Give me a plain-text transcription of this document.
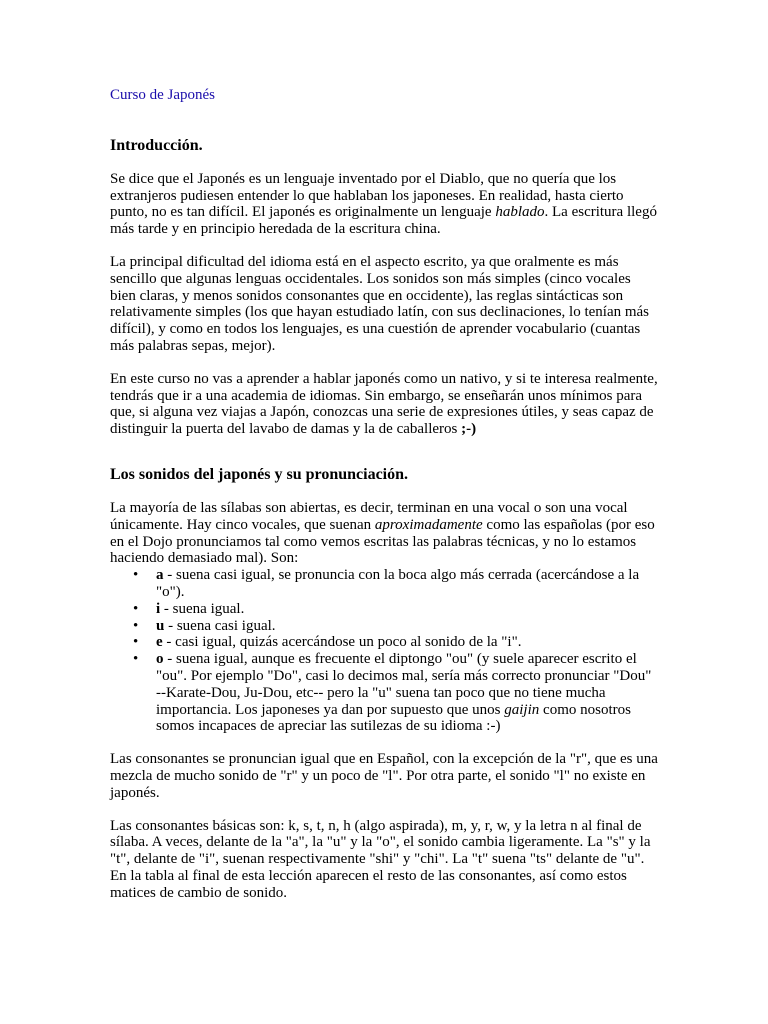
Curso de Japonés

Introducción.

Se dice que el Japonés es un lenguaje inventado por el Diablo, que no quería que los extranjeros pudiesen entender lo que hablaban los japoneses. En realidad, hasta cierto punto, no es tan difícil. El japonés es originalmente un lenguaje hablado. La escritura llegó más tarde y en principio heredada de la escritura china.

La principal dificultad del idioma está en el aspecto escrito, ya que oralmente es más sencillo que algunas lenguas occidentales. Los sonidos son más simples (cinco vocales bien claras, y menos sonidos consonantes que en occidente), las reglas sintácticas son relativamente simples (los que hayan estudiado latín, con sus declinaciones, lo tenían más difícil), y como en todos los lenguajes, es una cuestión de aprender vocabulario (cuantas más palabras sepas, mejor).

En este curso no vas a aprender a hablar japonés como un nativo, y si te interesa realmente, tendrás que ir a una academia de idiomas. Sin embargo, se enseñarán unos mínimos para que, si alguna vez viajas a Japón, conozcas una serie de expresiones útiles, y seas capaz de distinguir la puerta del lavabo de damas y la de caballeros ;-)

Los sonidos del japonés y su pronunciación.

La mayoría de las sílabas son abiertas, es decir, terminan en una vocal o son una vocal únicamente. Hay cinco vocales, que suenan aproximadamente como las españolas (por eso en el Dojo pronunciamos tal como vemos escritas las palabras técnicas, y no lo estamos haciendo demasiado mal). Son:

• a - suena casi igual, se pronuncia con la boca algo más cerrada (acercándose a la "o").
• i - suena igual.
• u - suena casi igual.
• e - casi igual, quizás acercándose un poco al sonido de la "i".
• o - suena igual, aunque es frecuente el diptongo "ou" (y suele aparecer escrito el "ou". Por ejemplo "Do", casi lo decimos mal, sería más correcto pronunciar "Dou" --Karate-Dou, Ju-Dou, etc-- pero la "u" suena tan poco que no tiene mucha importancia. Los japoneses ya dan por supuesto que unos gaijin como nosotros somos incapaces de apreciar las sutilezas de su idioma :-)

Las consonantes se pronuncian igual que en Español, con la excepción de la "r", que es una mezcla de mucho sonido de "r" y un poco de "l". Por otra parte, el sonido "l" no existe en japonés.

Las consonantes básicas son: k, s, t, n, h (algo aspirada), m, y, r, w, y la letra n al final de sílaba. A veces, delante de la "a", la "u" y la "o", el sonido cambia ligeramente. La "s" y la "t", delante de "i", suenan respectivamente "shi" y "chi". La "t" suena "ts" delante de "u". En la tabla al final de esta lección aparecen el resto de las consonantes, así como estos matices de cambio de sonido.
